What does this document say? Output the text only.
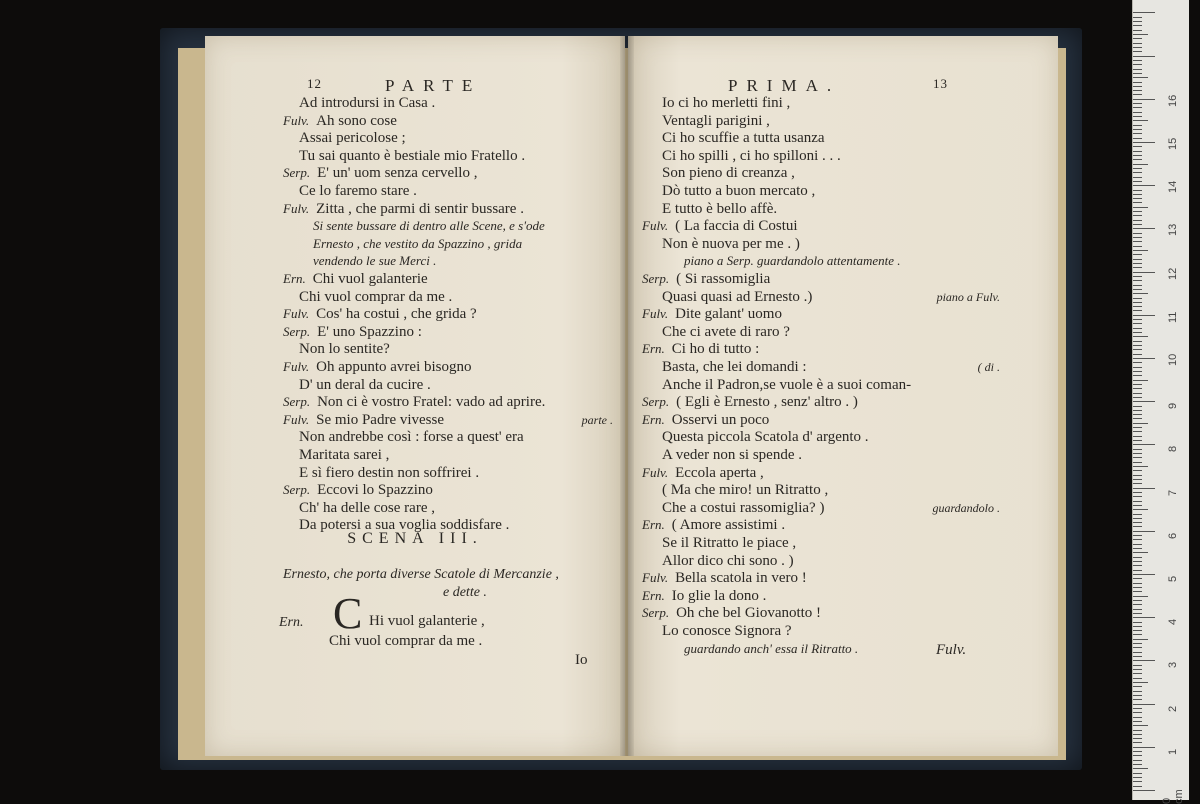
12	PARTE
Ad introdursi in Casa .
Fulv. Ah sono cose
Assai pericolose ;
Tu sai quanto è bestiale mio Fratello .
Serp. E' un' uom senza cervello ,
Ce lo faremo stare .
Fulv. Zitta , che parmi di sentir bussare .
Si sente bussare di dentro alle Scene, e s'ode
Ernesto , che vestito da Spazzino , grida
vendendo le sue Merci .
Ern. Chi vuol galanterie
Chi vuol comprar da me .
Fulv. Cos' ha costui , che grida ?
Serp. E' uno Spazzino :
Non lo sentite?
Fulv. Oh appunto avrei bisogno
D' un deral da cucire .
Serp. Non ci è vostro Fratel: vado ad aprire.
Fulv. Se mio Padre vivesse	parte .
Non andrebbe così : forse a quest' era
Maritata sarei ,
E sì fiero destin non soffrirei .
Serp. Eccovi lo Spazzino
Ch' ha delle cose rare ,
Da potersi a sua voglia soddisfare .
SCENA III.
Ernesto, che porta diverse Scatole di Mercanzie ,
e dette .
Ern. C Hi vuol galanterie ,
Chi vuol comprar da me .
Io
PRIMA.	13
Io ci ho merletti fini ,
Ventagli parigini ,
Ci ho scuffie a tutta usanza
Ci ho spilli , ci ho spilloni . . .
Son pieno di creanza ,
Dò tutto a buon mercato ,
E tutto è bello affè.
Fulv. ( La faccia di Costui
Non è nuova per me . )
piano a Serp. guardandolo attentamente .
Serp. ( Si rassomiglia
Quasi quasi ad Ernesto .)	piano a Fulv.
Fulv. Dite galant' uomo
Che ci avete di raro ?
Ern. Ci ho di tutto :
Basta, che lei domandi :	( di .
Anche il Padron,se vuole è a suoi coman-
Serp. ( Egli è Ernesto , senz' altro . )
Ern. Osservi un poco
Questa piccola Scatola d' argento .
A veder non si spende .
Fulv. Eccola aperta ,
( Ma che miro! un Ritratto ,
Che a costui rassomiglia? )	guardandolo .
Ern. ( Amore assistimi .
Se il Ritratto le piace ,
Allor dico chi sono . )
Fulv. Bella scatola in vero !
Ern. Io glie la dono .
Serp. Oh che bel Giovanotto !
Lo conosce Signora ?
guardando anch' essa il Ritratto .	Fulv.
0 cm
1
2
3
4
5
6
7
8
9
10
11
12
13
14
15
16
